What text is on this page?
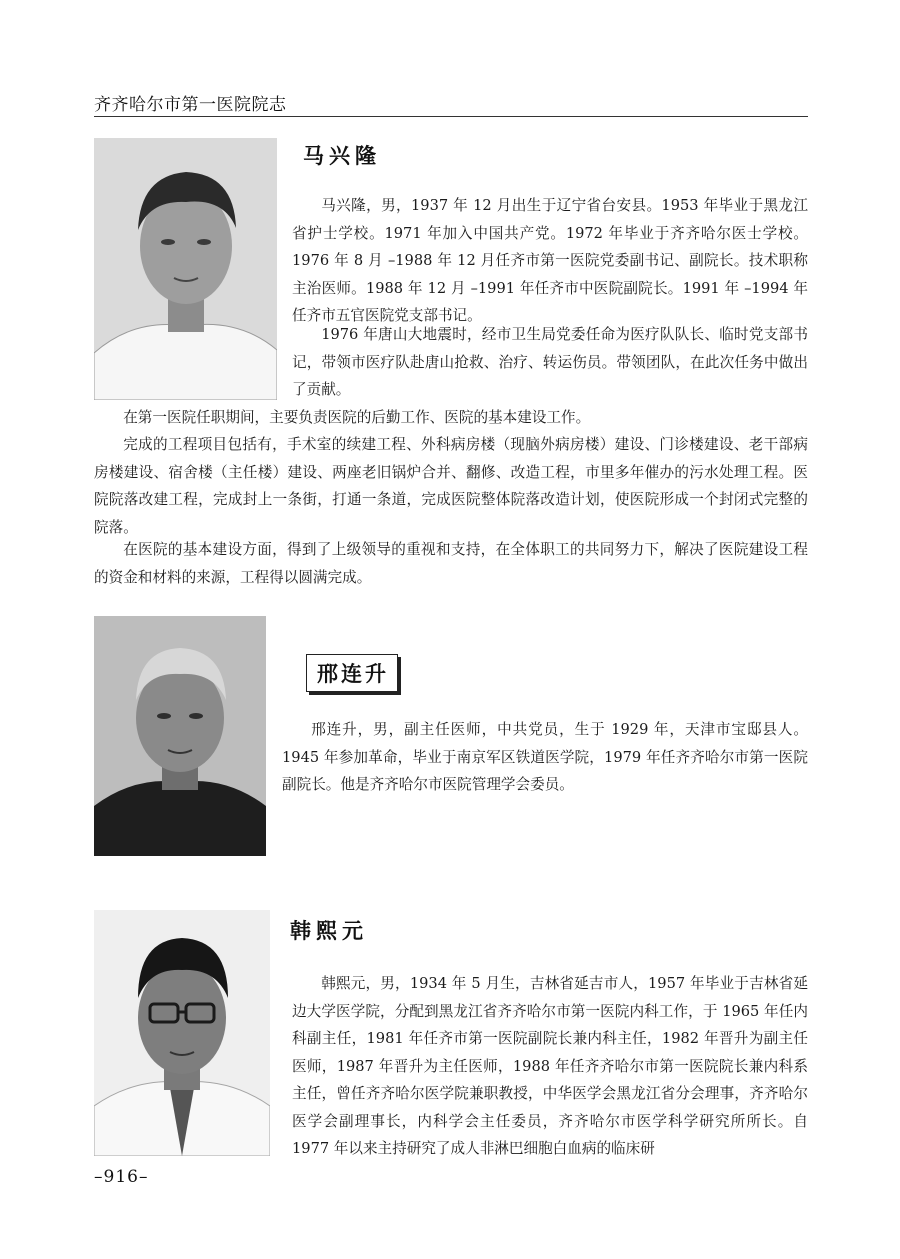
齐齐哈尔市第一医院院志
马兴隆

马兴隆，男，1937 年 12 月出生于辽宁省台安县。1953 年毕业于黑龙江省护士学校。1971 年加入中国共产党。1972 年毕业于齐齐哈尔医士学校。1976 年 8 月 –1988 年 12 月任齐市第一医院党委副书记、副院长。技术职称主治医师。1988 年 12 月 –1991 年任齐市中医院副院长。1991 年 –1994 年任齐市五官医院党支部书记。

1976 年唐山大地震时，经市卫生局党委任命为医疗队队长、临时党支部书记，带领市医疗队赴唐山抢救、治疗、转运伤员。带领团队，在此次任务中做出了贡献。

在第一医院任职期间，主要负责医院的后勤工作、医院的基本建设工作。

完成的工程项目包括有，手术室的续建工程、外科病房楼（现脑外病房楼）建设、门诊楼建设、老干部病房楼建设、宿舍楼（主任楼）建设、两座老旧锅炉合并、翻修、改造工程，市里多年催办的污水处理工程。医院院落改建工程，完成封上一条街，打通一条道，完成医院整体院落改造计划，使医院形成一个封闭式完整的院落。

在医院的基本建设方面，得到了上级领导的重视和支持，在全体职工的共同努力下，解决了医院建设工程的资金和材料的来源，工程得以圆满完成。

邢连升

邢连升，男，副主任医师，中共党员，生于 1929 年，天津市宝邸县人。1945 年参加革命，毕业于南京军区铁道医学院，1979 年任齐齐哈尔市第一医院副院长。他是齐齐哈尔市医院管理学会委员。

韩熙元

韩熙元，男，1934 年 5 月生，吉林省延吉市人，1957 年毕业于吉林省延边大学医学院，分配到黑龙江省齐齐哈尔市第一医院内科工作，于 1965 年任内科副主任，1981 年任齐市第一医院副院长兼内科主任，1982 年晋升为副主任医师，1987 年晋升为主任医师，1988 年任齐齐哈尔市第一医院院长兼内科系主任，曾任齐齐哈尔医学院兼职教授，中华医学会黑龙江省分会理事，齐齐哈尔医学会副理事长，内科学会主任委员，齐齐哈尔市医学科学研究所所长。自 1977 年以来主持研究了成人非淋巴细胞白血病的临床研

–916–
